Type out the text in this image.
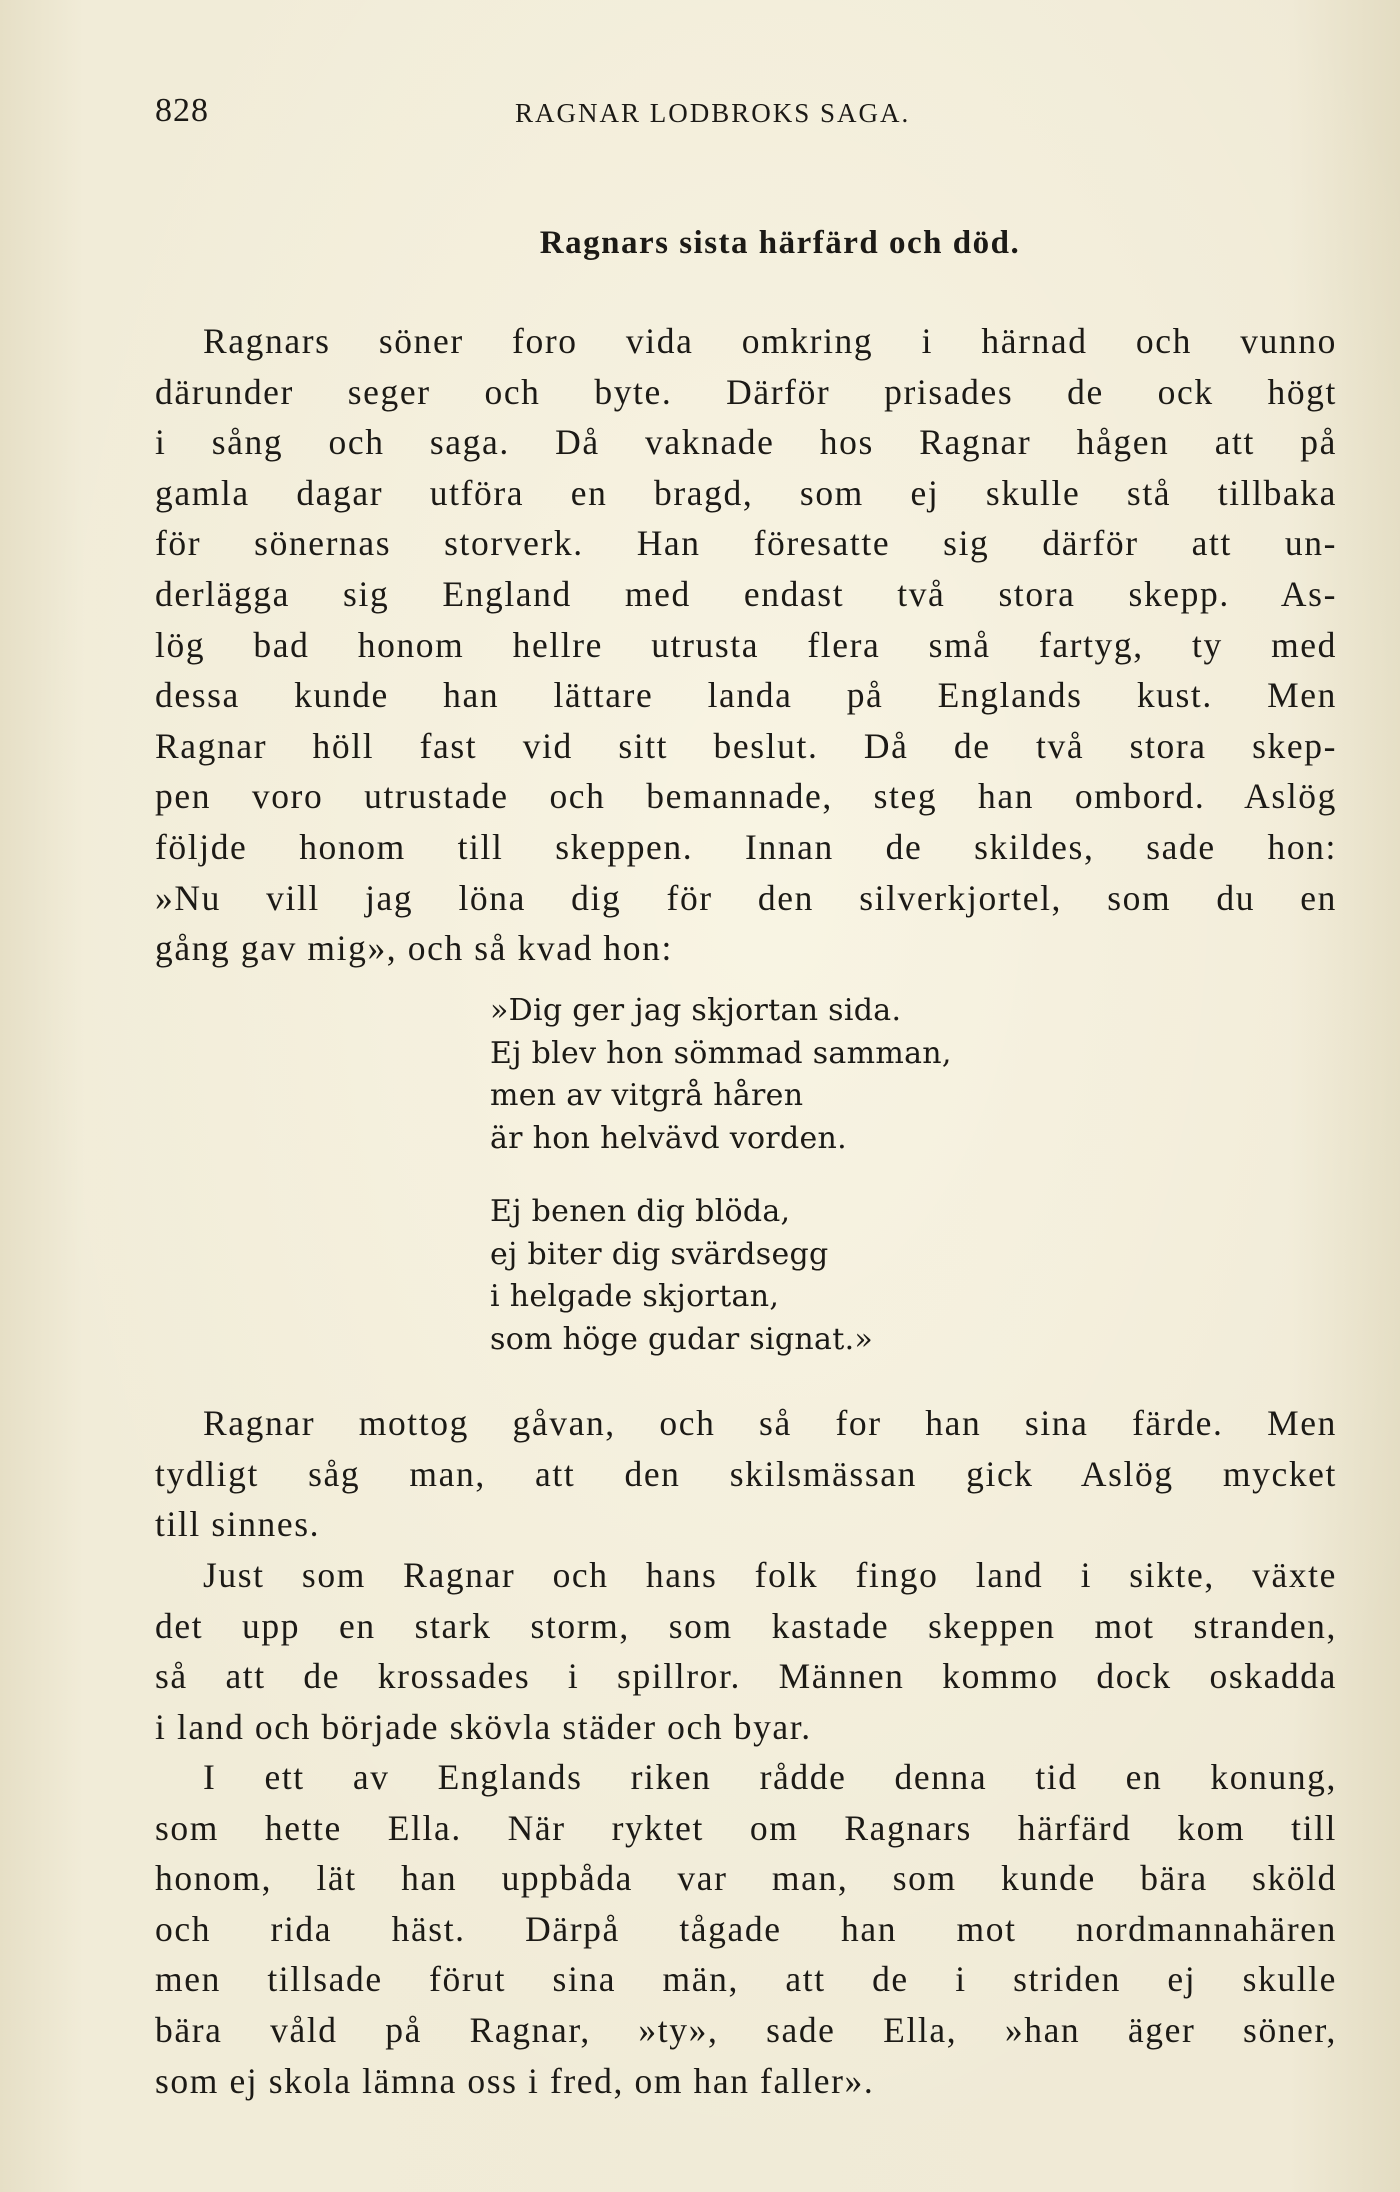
828	RAGNAR LODBROKS SAGA.
Ragnars sista härfärd och död.
Ragnars söner foro vida omkring i härnad och vunno
därunder seger och byte. Därför prisades de ock högt
i sång och saga. Då vaknade hos Ragnar hågen att på
gamla dagar utföra en bragd, som ej skulle stå tillbaka
för sönernas storverk. Han föresatte sig därför att un-
derlägga sig England med endast två stora skepp. As-
lög bad honom hellre utrusta flera små fartyg, ty med
dessa kunde han lättare landa på Englands kust. Men
Ragnar höll fast vid sitt beslut. Då de två stora skep-
pen voro utrustade och bemannade, steg han ombord. Aslög
följde honom till skeppen. Innan de skildes, sade hon:
»Nu vill jag löna dig för den silverkjortel, som du en
gång gav mig», och så kvad hon:
»Dig ger jag skjortan sida.
Ej blev hon sömmad samman,
men av vitgrå håren
är hon helvävd vorden.
Ej benen dig blöda,
ej biter dig svärdsegg
i helgade skjortan,
som höge gudar signat.»
Ragnar mottog gåvan, och så for han sina färde. Men
tydligt såg man, att den skilsmässan gick Aslög mycket
till sinnes.
Just som Ragnar och hans folk fingo land i sikte, växte
det upp en stark storm, som kastade skeppen mot stranden,
så att de krossades i spillror. Männen kommo dock oskadda
i land och började skövla städer och byar.
I ett av Englands riken rådde denna tid en konung,
som hette Ella. När ryktet om Ragnars härfärd kom till
honom, lät han uppbåda var man, som kunde bära sköld
och rida häst. Därpå tågade han mot nordmannahären
men tillsade förut sina män, att de i striden ej skulle
bära våld på Ragnar, »ty», sade Ella, »han äger söner,
som ej skola lämna oss i fred, om han faller».
